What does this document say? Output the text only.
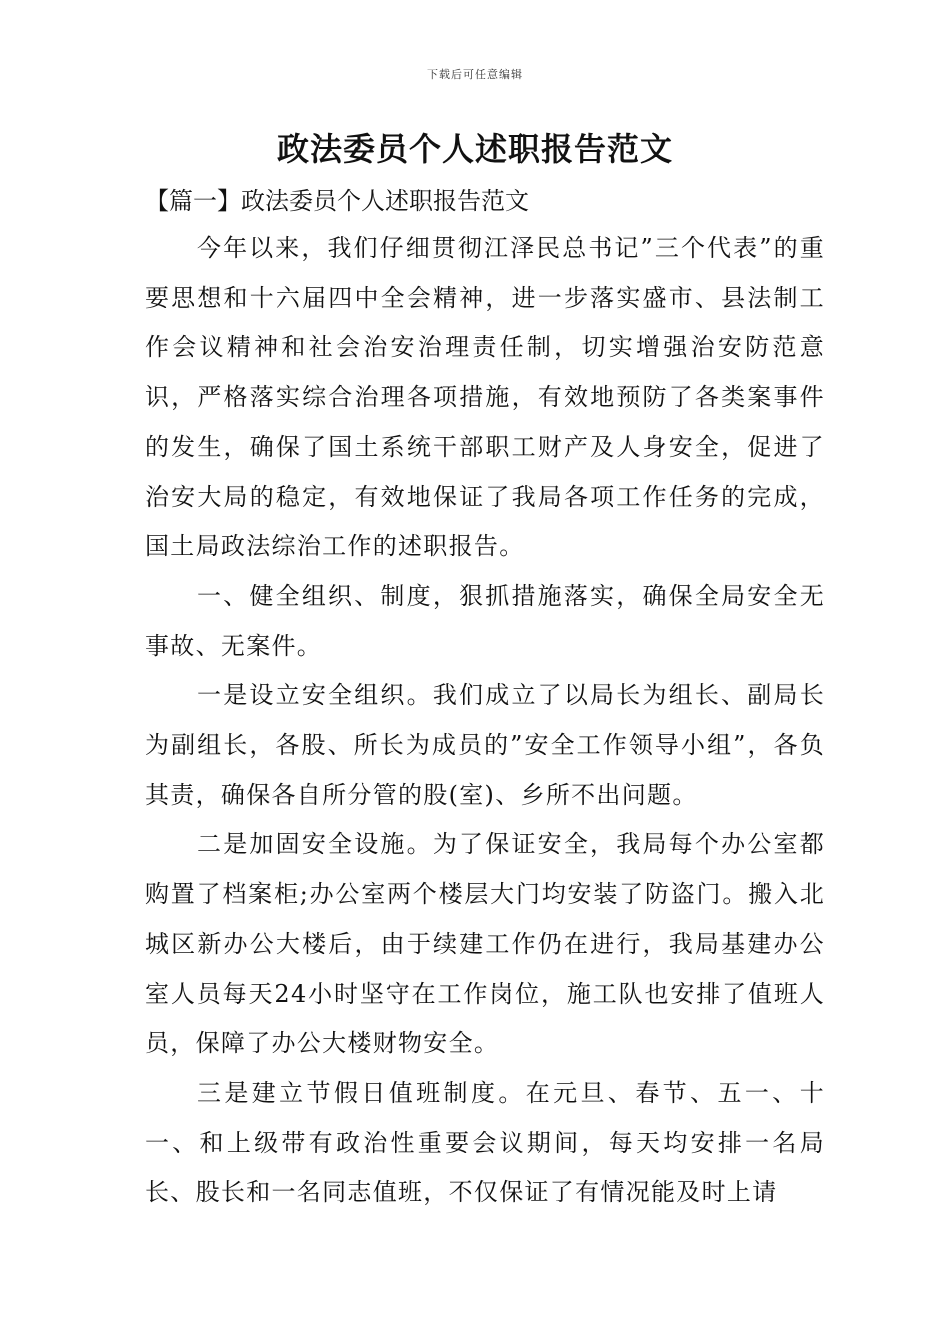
下载后可任意编辑
政法委员个人述职报告范文

【篇一】政法委员个人述职报告范文

今年以来，我们仔细贯彻江泽民总书记”三个代表”的重要思想和十六届四中全会精神，进一步落实盛市、县法制工作会议精神和社会治安治理责任制，切实增强治安防范意识，严格落实综合治理各项措施，有效地预防了各类案事件的发生，确保了国土系统干部职工财产及人身安全，促进了治安大局的稳定，有效地保证了我局各项工作任务的完成，国土局政法综治工作的述职报告。

一、健全组织、制度，狠抓措施落实，确保全局安全无事故、无案件。

一是设立安全组织。我们成立了以局长为组长、副局长为副组长，各股、所长为成员的”安全工作领导小组”，各负其责，确保各自所分管的股(室)、乡所不出问题。

二是加固安全设施。为了保证安全，我局每个办公室都购置了档案柜;办公室两个楼层大门均安装了防盗门。搬入北城区新办公大楼后，由于续建工作仍在进行，我局基建办公室人员每天24小时坚守在工作岗位，施工队也安排了值班人员，保障了办公大楼财物安全。

三是建立节假日值班制度。在元旦、春节、五一、十一、和上级带有政治性重要会议期间，每天均安排一名局长、股长和一名同志值班，不仅保证了有情况能及时上请
